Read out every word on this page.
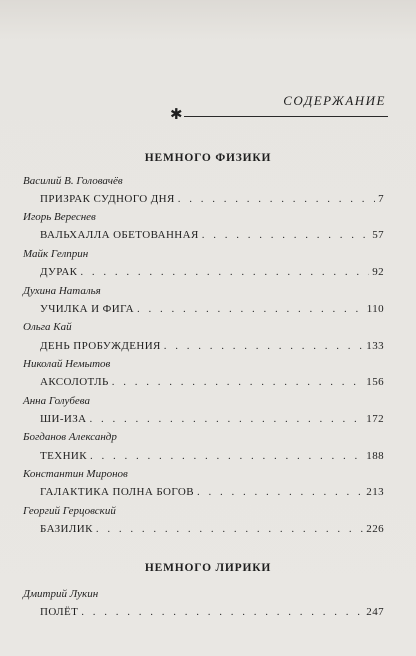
СОДЕРЖАНИЕ
✱
НЕМНОГО ФИЗИКИ
Василий В. Головачёв
ПРИЗРАК СУДНОГО ДНЯ . . .	7
Игорь Вереснев
ВАЛЬХАЛЛА ОБЕТОВАННАЯ . . .	57
Майк Гелприн
ДУРАК . . .	92
Духина Наталья
УЧИЛКА И ФИГА . . .	110
Ольга Кай
ДЕНЬ ПРОБУЖДЕНИЯ . . .	133
Николай Немытов
АКСОЛОТЛЬ . . .	156
Анна Голубева
ШИ-ИЗА . . .	172
Богданов Александр
ТЕХНИК . . .	188
Константин Миронов
ГАЛАКТИКА ПОЛНА БОГОВ . . .	213
Георгий Герцовский
БАЗИЛИК . . .	226
НЕМНОГО ЛИРИКИ
Дмитрий Лукин
ПОЛЁТ . . .	247
